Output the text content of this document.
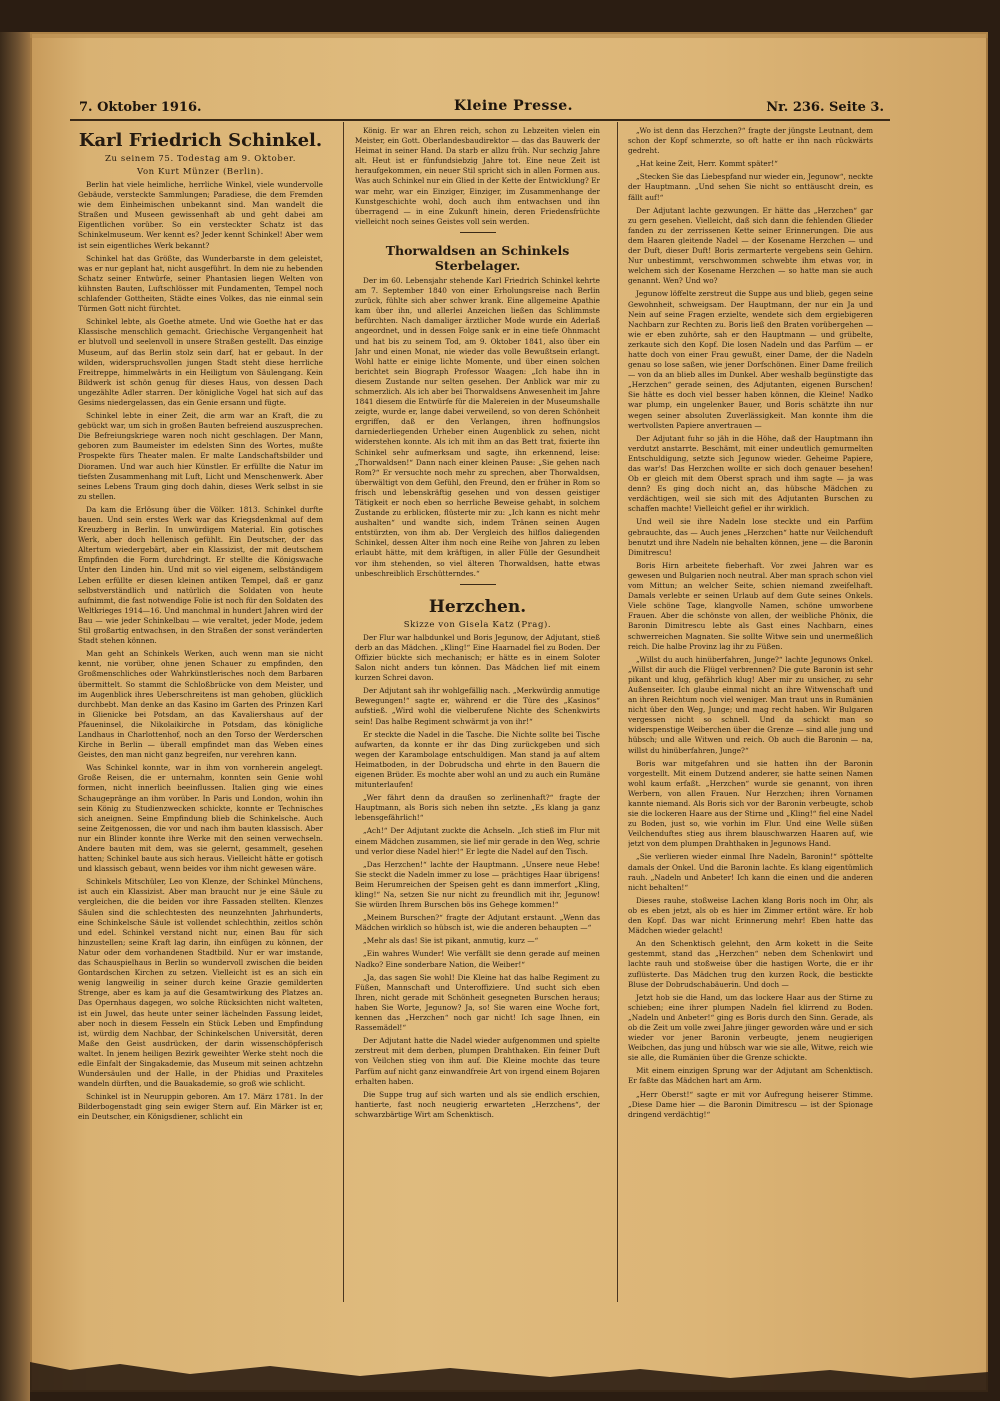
7. Oktober 1916.	Kleine Presse.	Nr. 236. Seite 3.
Karl Friedrich Schinkel.
Zu seinem 75. Todestag am 9. Oktober.
Von Kurt Münzer (Berlin).

Berlin hat viele heimliche, herrliche Winkel, viele wundervolle Gebäude, versteckte Sammlungen; Paradiese, die dem Fremden wie dem Einheimischen unbekannt sind. Man wandelt die Straßen und Museen gewissenhaft ab und geht dabei am Eigentlichen vorüber. So ein versteckter Schatz ist das Schinkelmuseum. Wer kennt es? Jeder kennt Schinkel! Aber wem ist sein eigentliches Werk bekannt?

Schinkel hat das Größte, das Wunderbarste in dem geleistet, was er nur geplant hat, nicht ausgeführt. In dem nie zu hebenden Schatz seiner Entwürfe, seiner Phantasien liegen Welten von kühnsten Bauten, Luftschlösser mit Fundamenten, Tempel noch schlafender Gottheiten, Städte eines Volkes, das nie einmal sein Türmen Gott nicht fürchtet.

Schinkel lebte, als Goethe atmete. Und wie Goethe hat er das Klassische menschlich gemacht. Griechische Vergangenheit hat er blutvoll und seelenvoll in unsere Straßen gestellt. Das einzige Museum, auf das Berlin stolz sein darf, hat er gebaut. In der wilden, widerspruchsvollen jungen Stadt steht diese herrliche Freitreppe, himmelwärts in ein Heiligtum von Säulengang. Kein Bildwerk ist schön genug für dieses Haus, von dessen Dach ungezählte Adler starren. Der königliche Vogel hat sich auf das Gesims niedergelassen, das ein Genie ersann und fügte.

Schinkel lebte in einer Zeit, die arm war an Kraft, die zu gebückt war, um sich in großen Bauten befreiend auszusprechen. Die Befreiungskriege waren noch nicht geschlagen. Der Mann, geboren zum Baumeister im edelsten Sinn des Wortes, mußte Prospekte fürs Theater malen. Er malte Landschaftsbilder und Dioramen. Und war auch hier Künstler. Er erfüllte die Natur im tiefsten Zusammenhang mit Luft, Licht und Menschenwerk. Aber seines Lebens Traum ging doch dahin, dieses Werk selbst in sie zu stellen.

Da kam die Erlösung über die Völker. 1813. Schinkel durfte bauen. Und sein erstes Werk war das Kriegsdenkmal auf dem Kreuzberg in Berlin. In unwürdigem Material. Ein gotisches Werk, aber doch hellenisch gefühlt. Ein Deutscher, der das Altertum wiedergebärt, aber ein Klassizist, der mit deutschem Empfinden die Form durchdringt. Er stellte die Königswache Unter den Linden hin. Und mit so viel eigenem, selbständigem Leben erfüllte er diesen kleinen antiken Tempel, daß er ganz selbstverständlich und natürlich die Soldaten von heute aufnimmt, die fast notwendige Folie ist noch für den Soldaten des Weltkrieges 1914—16. Und manchmal in hundert Jahren wird der Bau — wie jeder Schinkelbau — wie veraltet, jeder Mode, jedem Stil großartig entwachsen, in den Straßen der sonst veränderten Stadt stehen können.

Man geht an Schinkels Werken, auch wenn man sie nicht kennt, nie vorüber, ohne jenen Schauer zu empfinden, den Großmenschliches oder Wahrkünstlerisches noch dem Barbaren übermittelt. So stammt die Schloßbrücke von dem Meister, und im Augenblick ihres Ueberschreitens ist man gehoben, glücklich durchbebt. Man denke an das Kasino im Garten des Prinzen Karl in Glienicke bei Potsdam, an das Kavaliershaus auf der Pfaueninsel, die Nikolaikirche in Potsdam, das königliche Landhaus in Charlottenhof, noch an den Torso der Werderschen Kirche in Berlin — überall empfindet man das Weben eines Geistes, den man nicht ganz begreifen, nur verehren kann.

Was Schinkel konnte, war in ihm von vornherein angelegt. Große Reisen, die er unternahm, konnten sein Genie wohl formen, nicht innerlich beeinflussen. Italien ging wie eines Schaugepränge an ihm vorüber. In Paris und London, wohin ihn sein König zu Studienzwecken schickte, konnte er Technisches sich aneignen. Seine Empfindung blieb die Schinkelsche. Auch seine Zeitgenossen, die vor und nach ihm bauten klassisch. Aber nur ein Blinder konnte ihre Werke mit den seinen verwechseln. Andere bauten mit dem, was sie gelernt, gesammelt, gesehen hatten; Schinkel baute aus sich heraus. Vielleicht hätte er gotisch und klassisch gebaut, wenn beides vor ihm nicht gewesen wäre.

Schinkels Mitschüler, Leo von Klenze, der Schinkel Münchens, ist auch ein Klassizist. Aber man braucht nur je eine Säule zu vergleichen, die die beiden vor ihre Fassaden stellten. Klenzes Säulen sind die schlechtesten des neunzehnten Jahrhunderts, eine Schinkelsche Säule ist vollendet schlechthin, zeitlos schön und edel. Schinkel verstand nicht nur, einen Bau für sich hinzustellen; seine Kraft lag darin, ihn einfügen zu können, der Natur oder dem vorhandenen Stadtbild. Nur er war imstande, das Schauspielhaus in Berlin so wundervoll zwischen die beiden Gontardschen Kirchen zu setzen. Vielleicht ist es an sich ein wenig langweilig in seiner durch keine Grazie gemilderten Strenge, aber es kam ja auf die Gesamtwirkung des Platzes an. Das Opernhaus dagegen, wo solche Rücksichten nicht walteten, ist ein Juwel, das heute unter seiner lächelnden Fassung leidet, aber noch in diesem Fesseln ein Stück Leben und Empfindung ist, würdig dem Nachbar, der Schinkelschen Universität, deren Maße den Geist ausdrücken, der darin wissenschöpferisch waltet. In jenem heiligen Bezirk geweihter Werke steht noch die edle Einfalt der Singakademie, das Museum mit seinen achtzehn Wundersäulen und der Halle, in der Phidias und Praxiteles wandeln dürften, und die Bauakademie, so groß wie schlicht.

Schinkel ist in Neuruppin geboren. Am 17. März 1781. In der Bilderbogenstadt ging sein ewiger Stern auf. Ein Märker ist er, ein Deutscher, ein Königsdiener, schlicht ein

König. Er war an Ehren reich, schon zu Lebzeiten vielen ein Meister, ein Gott. Oberlandesbaudirektor — das das Bauwerk der Heimat in seiner Hand. Da starb er allzu früh. Nur sechzig Jahre alt. Heut ist er fünfundsiebzig Jahre tot. Eine neue Zeit ist heraufgekommen, ein neuer Stil spricht sich in allen Formen aus. Was auch Schinkel nur ein Glied in der Kette der Entwicklung? Er war mehr, war ein Einziger, Einziger, im Zusammenhange der Kunstgeschichte wohl, doch auch ihm entwachsen und ihn überragend — in eine Zukunft hinein, deren Friedensfrüchte vielleicht noch seines Geistes voll sein werden.

Thorwaldsen an Schinkels Sterbelager.

Der im 60. Lebensjahr stehende Karl Friedrich Schinkel kehrte am 7. September 1840 von einer Erholungsreise nach Berlin zurück, fühlte sich aber schwer krank. Eine allgemeine Apathie kam über ihn, und allerlei Anzeichen ließen das Schlimmste befürchten. Nach damaliger ärztlicher Mode wurde ein Aderlaß angeordnet, und in dessen Folge sank er in eine tiefe Ohnmacht und hat bis zu seinem Tod, am 9. Oktober 1841, also über ein Jahr und einen Monat, nie wieder das volle Bewußtsein erlangt. Wohl hatte er einige lichte Momente, und über einen solchen berichtet sein Biograph Professor Waagen: „Ich habe ihn in diesem Zustande nur selten gesehen. Der Anblick war mir zu schmerzlich. Als ich aber bei Thorwaldsens Anwesenheit im Jahre 1841 diesem die Entwürfe für die Malereien in der Museumshalle zeigte, wurde er, lange dabei verweilend, so von deren Schönheit ergriffen, daß er den Verlangen, ihren hoffnungslos darniederliegenden Urheber einen Augenblick zu sehen, nicht widerstehen konnte. Als ich mit ihm an das Bett trat, fixierte ihn Schinkel sehr aufmerksam und sagte, ihn erkennend, leise: „Thorwaldsen!“ Dann nach einer kleinen Pause: „Sie gehen nach Rom?“ Er versuchte noch mehr zu sprechen, aber Thorwaldsen, überwältigt von dem Gefühl, den Freund, den er früher in Rom so frisch und lebenskräftig gesehen und von dessen geistiger Tätigkeit er noch eben so herrliche Beweise gehabt, in solchem Zustande zu erblicken, flüsterte mir zu: „Ich kann es nicht mehr aushalten“ und wandte sich, indem Tränen seinen Augen entstürzten, von ihm ab. Der Vergleich des hilflos daliegenden Schinkel, dessen Alter ihm noch eine Reihe von Jahren zu leben erlaubt hätte, mit dem kräftigen, in aller Fülle der Gesundheit vor ihm stehenden, so viel älteren Thorwaldsen, hatte etwas unbeschreiblich Erschütterndes.“

Herzchen.
Skizze von Gisela Katz (Prag).

Der Flur war halbdunkel und Boris Jegunow, der Adjutant, stieß derb an das Mädchen. „Kling!“ Eine Haarnadel fiel zu Boden. Der Offizier bückte sich mechanisch; er hätte es in einem Soloter Salon nicht anders tun können. Das Mädchen lief mit einem kurzen Schrei davon.

Der Adjutant sah ihr wohlgefällig nach. „Merkwürdig anmutige Bewegungen!“ sagte er, während er die Türe des „Kasinos“ aufstieß. „Wird wohl die vielberufene Nichte des Schenkwirts sein! Das halbe Regiment schwärmt ja von ihr!“

Er steckte die Nadel in die Tasche. Die Nichte sollte bei Tische aufwarten, da konnte er ihr das Ding zurückgeben und sich wegen der Karambolage entschuldigen. Man stand ja auf altem Heimatboden, in der Dobrudscha und ehrte in den Bauern die eigenen Brüder. Es mochte aber wohl an und zu auch ein Rumäne mitunterlaufen!

„Wer fährt denn da draußen so zerlinenhaft?“ fragte der Hauptmann, als Boris sich neben ihn setzte. „Es klang ja ganz lebensgefährlich!“

„Ach!“ Der Adjutant zuckte die Achseln. „Ich stieß im Flur mit einem Mädchen zusammen, sie lief mir gerade in den Weg, schrie und verlor diese Nadel hier!“ Er legte die Nadel auf den Tisch.

„Das Herzchen!“ lachte der Hauptmann. „Unsere neue Hebe! Sie steckt die Nadeln immer zu lose — prächtiges Haar übrigens! Beim Herumreichen der Speisen geht es dann immerfort „Kling, kling!“ Na, setzen Sie nur nicht zu freundlich mit ihr, Jegunow! Sie würden Ihrem Burschen bös ins Gehege kommen!“

„Meinem Burschen?“ fragte der Adjutant erstaunt. „Wenn das Mädchen wirklich so hübsch ist, wie die anderen behaupten —“

„Mehr als das! Sie ist pikant, anmutig, kurz —“

„Ein wahres Wunder! Wie verfällt sie denn gerade auf meinen Nadko? Eine sonderbare Nation, die Weiber!“

„Ja, das sagen Sie wohl! Die Kleine hat das halbe Regiment zu Füßen, Mannschaft und Unteroffiziere. Und sucht sich eben Ihren, nicht gerade mit Schönheit gesegneten Burschen heraus; haben Sie Worte, Jegunow? Ja, so! Sie waren eine Woche fort, kennen das „Herzchen“ noch gar nicht! Ich sage Ihnen, ein Rassemädel!“

Der Adjutant hatte die Nadel wieder aufgenommen und spielte zerstreut mit dem derben, plumpen Drahthaken. Ein feiner Duft von Veilchen stieg von ihm auf. Die Kleine mochte das teure Parfüm auf nicht ganz einwandfreie Art von irgend einem Bojaren erhalten haben.

Die Suppe trug auf sich warten und als sie endlich erschien, hantierte, fast noch neugierig erwarteten „Herzchens“, der schwarzbärtige Wirt am Schenktisch.

„Wo ist denn das Herzchen?“ fragte der jüngste Leutnant, dem schon der Kopf schmerzte, so oft hatte er ihn nach rückwärts gedreht.

„Hat keine Zeit, Herr. Kommt später!“

„Stecken Sie das Liebespfand nur wieder ein, Jegunow“, neckte der Hauptmann. „Und sehen Sie nicht so enttäuscht drein, es fällt auf!“

Der Adjutant lachte gezwungen. Er hätte das „Herzchen“ gar zu gern gesehen. Vielleicht, daß sich dann die fehlenden Glieder fanden zu der zerrissenen Kette seiner Erinnerungen. Die aus dem Haaren gleitende Nadel — der Kosename Herzchen — und der Duft, dieser Duft! Boris zermarterte vergebens sein Gehirn. Nur unbestimmt, verschwommen schwebte ihm etwas vor, in welchem sich der Kosename Herzchen — so hatte man sie auch genannt. Wen? Und wo?

Jegunow löffelte zerstreut die Suppe aus und blieb, gegen seine Gewohnheit, schweigsam. Der Hauptmann, der nur ein Ja und Nein auf seine Fragen erzielte, wendete sich dem ergiebigeren Nachbarn zur Rechten zu. Boris ließ den Braten vorübergehen — wie er eben zuhörte, sah er den Hauptmann — und grübelte, zerkaute sich den Kopf. Die losen Nadeln und das Parfüm — er hatte doch von einer Frau gewußt, einer Dame, der die Nadeln genau so lose saßen, wie jener Dorfschönen. Einer Dame freilich — von da an blieb alles im Dunkel. Aber weshalb begünstigte das „Herzchen“ gerade seinen, des Adjutanten, eigenen Burschen! Sie hätte es doch viel besser haben können, die Kleine! Nadko war plump, ein ungelenker Bauer, und Boris schätzte ihn nur wegen seiner absoluten Zuverlässigkeit. Man konnte ihm die wertvollsten Papiere anvertrauen —

Der Adjutant fuhr so jäh in die Höhe, daß der Hauptmann ihn verdutzt anstarrte. Beschämt, mit einer undeutlich gemurmelten Entschuldigung, setzte sich Jegunow wieder. Geheime Papiere, das war's! Das Herzchen wollte er sich doch genauer besehen! Ob er gleich mit dem Oberst sprach und ihm sagte — ja was denn? Es ging doch nicht an, das hübsche Mädchen zu verdächtigen, weil sie sich mit des Adjutanten Burschen zu schaffen machte! Vielleicht gefiel er ihr wirklich.

Und weil sie ihre Nadeln lose steckte und ein Parfüm gebrauchte, das — Auch jenes „Herzchen“ hatte nur Veilchenduft benutzt und ihre Nadeln nie behalten können, jene — die Baronin Dimitrescu!

Boris Hirn arbeitete fieberhaft. Vor zwei Jahren war es gewesen und Bulgarien noch neutral. Aber man sprach schon viel vom Mittun; an welcher Seite, schien niemand zweifelhaft. Damals verlebte er seinen Urlaub auf dem Gute seines Onkels. Viele schöne Tage, klangvolle Namen, schöne umworbene Frauen. Aber die schönste von allen, der weibliche Phönix, die Baronin Dimitrescu lebte als Gast eines Nachbarn, eines schwerreichen Magnaten. Sie sollte Witwe sein und unermeßlich reich. Die halbe Provinz lag ihr zu Füßen.

„Willst du auch hinüberfahren, Junge?“ lachte Jegunows Onkel. „Willst dir auch die Flügel verbrennen? Die gute Baronin ist sehr pikant und klug, gefährlich klug! Aber mir zu unsicher, zu sehr Außenseiter. Ich glaube einmal nicht an ihre Witwenschaft und an ihren Reichtum noch viel weniger. Man traut uns in Rumänien nicht über den Weg, Junge; und mag recht haben. Wir Bulgaren vergessen nicht so schnell. Und da schickt man so widerspenstige Weiberchen über die Grenze — sind alle jung und hübsch; und alle Witwen und reich. Ob auch die Baronin — na, willst du hinüberfahren, Junge?“

Boris war mitgefahren und sie hatten ihn der Baronin vorgestellt. Mit einem Dutzend anderer, sie hatte seinen Namen wohl kaum erfaßt. „Herzchen“ wurde sie genannt, von ihren Werbern, von allen Frauen. Nur Herzchen; ihren Vornamen kannte niemand. Als Boris sich vor der Baronin verbeugte, schob sie die lockeren Haare aus der Stirne und „Kling!“ fiel eine Nadel zu Boden, just so, wie vorhin im Flur. Und eine Welle süßen Veilchenduftes stieg aus ihrem blauschwarzen Haaren auf, wie jetzt von dem plumpen Drahthaken in Jegunows Hand.

„Sie verlieren wieder einmal Ihre Nadeln, Baronin!“ spöttelte damals der Onkel. Und die Baronin lachte. Es klang eigentümlich rauh. „Nadeln und Anbeter! Ich kann die einen und die anderen nicht behalten!“

Dieses rauhe, stoßweise Lachen klang Boris noch im Ohr, als ob es eben jetzt, als ob es hier im Zimmer ertönt wäre. Er hob den Kopf. Das war nicht Erinnerung mehr! Eben hatte das Mädchen wieder gelacht!

An den Schenktisch gelehnt, den Arm kokett in die Seite gestemmt, stand das „Herzchen“ neben dem Schenkwirt und lachte rauh und stoßweise über die hastigen Worte, die er ihr zuflüsterte. Das Mädchen trug den kurzen Rock, die bestickte Bluse der Dobrudschabäuerin. Und doch —

Jetzt hob sie die Hand, um das lockere Haar aus der Stirne zu schieben; eine ihrer plumpen Nadeln fiel klirrend zu Boden. „Nadeln und Anbeter!“ ging es Boris durch den Sinn. Gerade, als ob die Zeit um volle zwei Jahre jünger geworden wäre und er sich wieder vor jener Baronin verbeugte, jenem neugierigen Weibchen, das jung und hübsch war wie sie alle, Witwe, reich wie sie alle, die Rumänien über die Grenze schickte.

Mit einem einzigen Sprung war der Adjutant am Schenktisch. Er faßte das Mädchen hart am Arm.

„Herr Oberst!“ sagte er mit vor Aufregung heiserer Stimme. „Diese Dame hier — die Baronin Dimitrescu — ist der Spionage dringend verdächtig!“
